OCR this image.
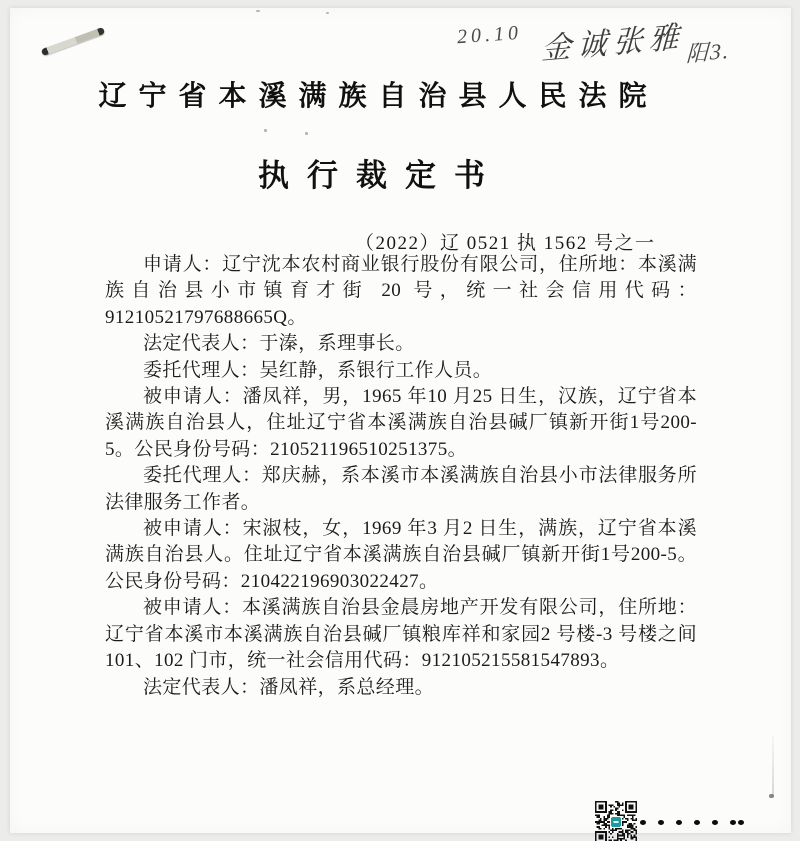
20.10 金诚张雅阳3.
辽宁省本溪满族自治县人民法院
执行裁定书
（2022）辽 0521 执 1562 号之一

申请人：辽宁沈本农村商业银行股份有限公司，住所地：本溪满族自治县小市镇育才街 20 号，统一社会信用代码：91210521797688665Q。

法定代表人：于溱，系理事长。

委托代理人：吴红静，系银行工作人员。

被申请人：潘凤祥，男，1965 年10 月25 日生，汉族，辽宁省本溪满族自治县人，住址辽宁省本溪满族自治县碱厂镇新开街1号200-5。公民身份号码：210521196510251375。

委托代理人：郑庆赫，系本溪市本溪满族自治县小市法律服务所法律服务工作者。

被申请人：宋淑枝，女，1969 年3 月2 日生，满族，辽宁省本溪满族自治县人。住址辽宁省本溪满族自治县碱厂镇新开街1号200-5。公民身份号码：210422196903022427。

被申请人：本溪满族自治县金晨房地产开发有限公司，住所地：辽宁省本溪市本溪满族自治县碱厂镇粮库祥和家园2 号楼-3 号楼之间101、102 门市，统一社会信用代码：912105215581547893。

法定代表人：潘凤祥，系总经理。
